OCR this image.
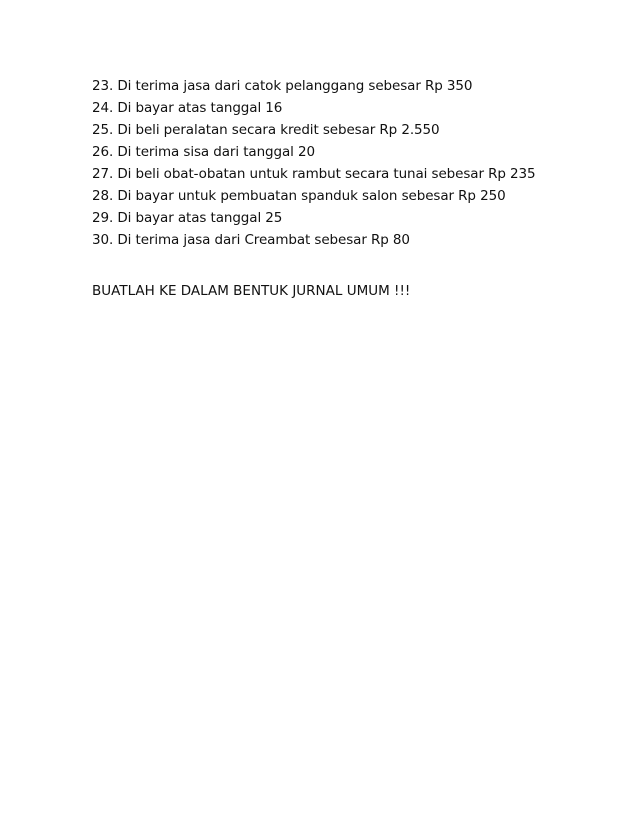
23. Di terima jasa dari catok pelanggang sebesar Rp 350
24. Di bayar atas tanggal 16
25. Di beli peralatan secara kredit sebesar Rp 2.550
26. Di terima sisa dari tanggal 20
27. Di beli obat-obatan untuk rambut secara tunai sebesar Rp 235
28. Di bayar untuk pembuatan spanduk salon sebesar Rp 250
29. Di bayar atas tanggal 25
30. Di terima jasa dari Creambat sebesar Rp 80
BUATLAH KE DALAM BENTUK JURNAL UMUM !!!
